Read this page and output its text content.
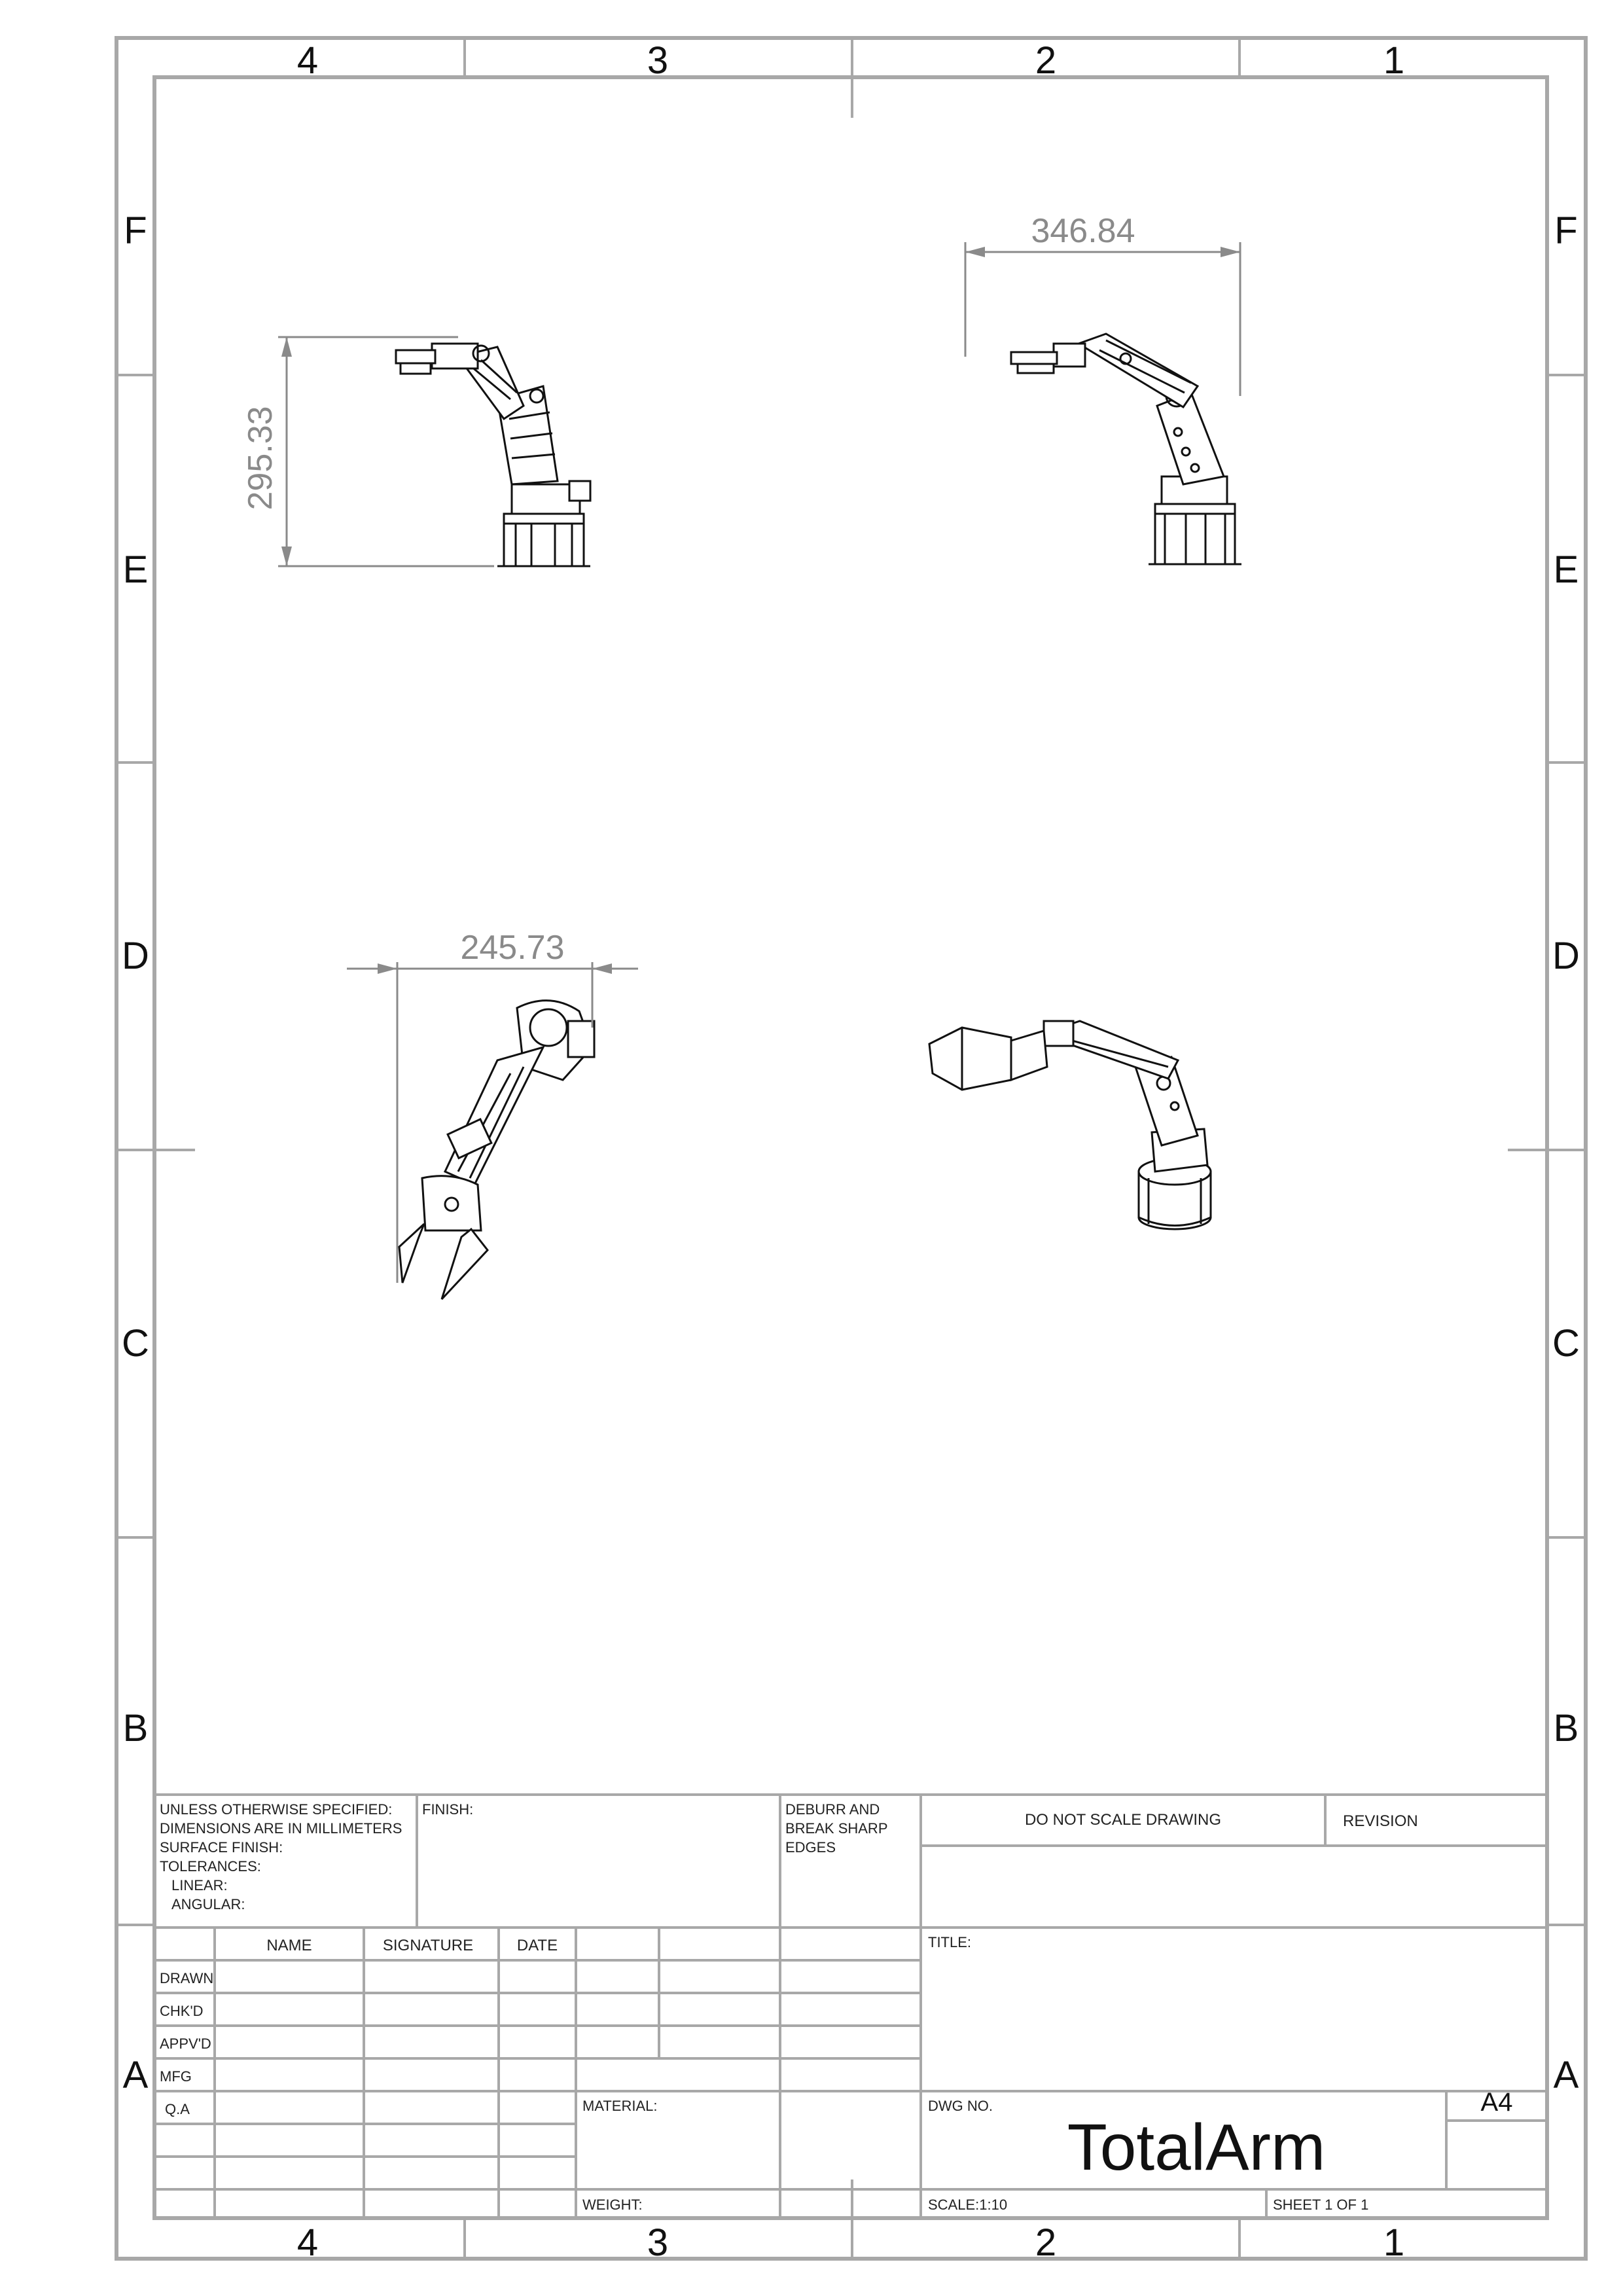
4	3	2	1
4	3	2	1
F
E
D
C
B
A
F
E
D
C
B
A
295.33
346.84
245.73
UNLESS OTHERWISE SPECIFIED:
DIMENSIONS ARE IN MILLIMETERS
SURFACE FINISH:
TOLERANCES:
LINEAR:
ANGULAR:
FINISH:	DEBURR AND
BREAK SHARP
EDGES
DO NOT SCALE DRAWING	REVISION
NAME	SIGNATURE	DATE
DRAWN
CHK'D
APPV'D
MFG
Q.A
TITLE:
MATERIAL:
WEIGHT:
DWG NO.
TotalArm
A4
SCALE:1:10	SHEET 1 OF 1
